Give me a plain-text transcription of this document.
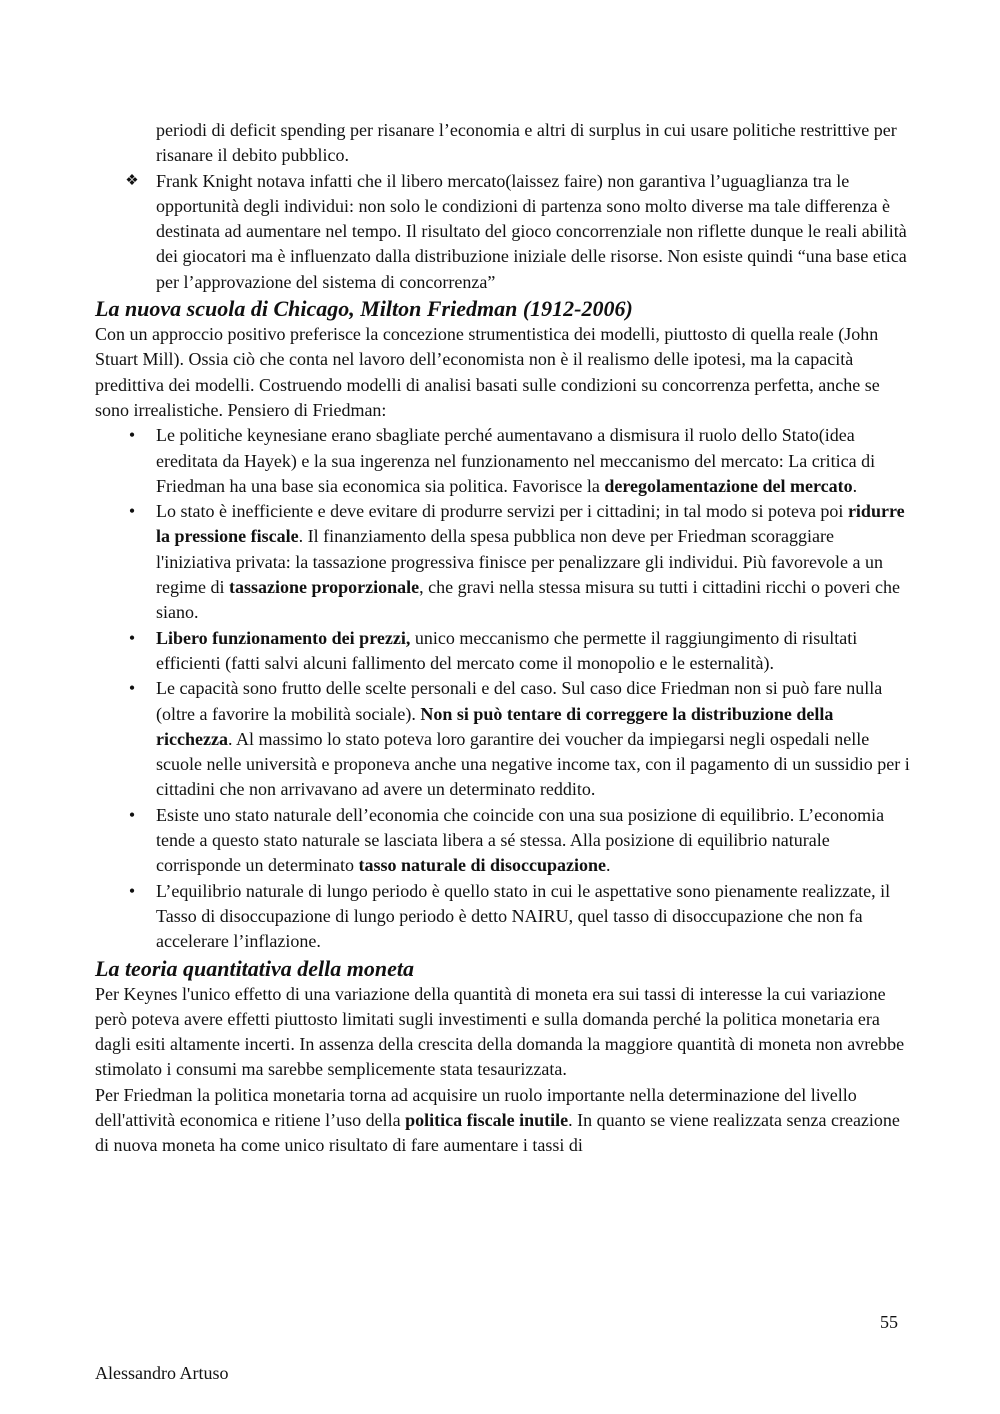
periodi di deficit spending per risanare l’economia e altri di surplus in cui usare politiche restrittive per risanare il debito pubblico.

❖ Frank Knight notava infatti che il libero mercato(laissez faire) non garantiva l’uguaglianza tra le opportunità degli individui: non solo le condizioni di partenza sono molto diverse ma tale differenza è destinata ad aumentare nel tempo. Il risultato del gioco concorrenziale non riflette dunque le reali abilità dei giocatori ma è influenzato dalla distribuzione iniziale delle risorse. Non esiste quindi “una base etica per l’approvazione del sistema di concorrenza”
La nuova scuola di Chicago, Milton Friedman (1912-2006)

Con un approccio positivo preferisce la concezione strumentistica dei modelli, piuttosto di quella reale (John Stuart Mill). Ossia ciò che conta nel lavoro dell’economista non è il realismo delle ipotesi, ma la capacità predittiva dei modelli. Costruendo modelli di analisi basati sulle condizioni su concorrenza perfetta, anche se sono irrealistiche. Pensiero di Friedman:

•	Le politiche keynesiane erano sbagliate perché aumentavano a dismisura il ruolo dello Stato(idea ereditata da Hayek) e la sua ingerenza nel funzionamento nel meccanismo del mercato: La critica di Friedman ha una base sia economica sia politica. Favorisce la deregolamentazione del mercato.
•	Lo stato è inefficiente e deve evitare di produrre servizi per i cittadini; in tal modo si poteva poi ridurre la pressione fiscale. Il finanziamento della spesa pubblica non deve per Friedman scoraggiare l'iniziativa privata: la tassazione progressiva finisce per penalizzare gli individui. Più favorevole a un regime di tassazione proporzionale, che gravi nella stessa misura su tutti i cittadini ricchi o poveri che siano.
•	Libero funzionamento dei prezzi, unico meccanismo che permette il raggiungimento di risultati efficienti (fatti salvi alcuni fallimento del mercato come il monopolio e le esternalità).
•	Le capacità sono frutto delle scelte personali e del caso. Sul caso dice Friedman non si può fare nulla (oltre a favorire la mobilità sociale). Non si può tentare di correggere la distribuzione della ricchezza. Al massimo lo stato poteva loro garantire dei voucher da impiegarsi negli ospedali nelle scuole nelle università e proponeva anche una negative income tax, con il pagamento di un sussidio per i cittadini che non arrivavano ad avere un determinato reddito.
•	Esiste uno stato naturale dell’economia che coincide con una sua posizione di equilibrio. L’economia tende a questo stato naturale se lasciata libera a sé stessa. Alla posizione di equilibrio naturale corrisponde un determinato tasso naturale di disoccupazione.
•	L’equilibrio naturale di lungo periodo è quello stato in cui le aspettative sono pienamente realizzate, il Tasso di disoccupazione di lungo periodo è detto NAIRU, quel tasso di disoccupazione che non fa accelerare l’inflazione.
La teoria quantitativa della moneta

Per Keynes l'unico effetto di una variazione della quantità di moneta era sui tassi di interesse la cui variazione però poteva avere effetti piuttosto limitati sugli investimenti e sulla domanda perché la politica monetaria era dagli esiti altamente incerti. In assenza della crescita della domanda la maggiore quantità di moneta non avrebbe stimolato i consumi ma sarebbe semplicemente stata tesaurizzata.

Per Friedman la politica monetaria torna ad acquisire un ruolo importante nella determinazione del livello dell'attività economica e ritiene l’uso della politica fiscale inutile. In quanto se viene realizzata senza creazione di nuova moneta ha come unico risultato di fare aumentare i tassi di

55
Alessandro Artuso
